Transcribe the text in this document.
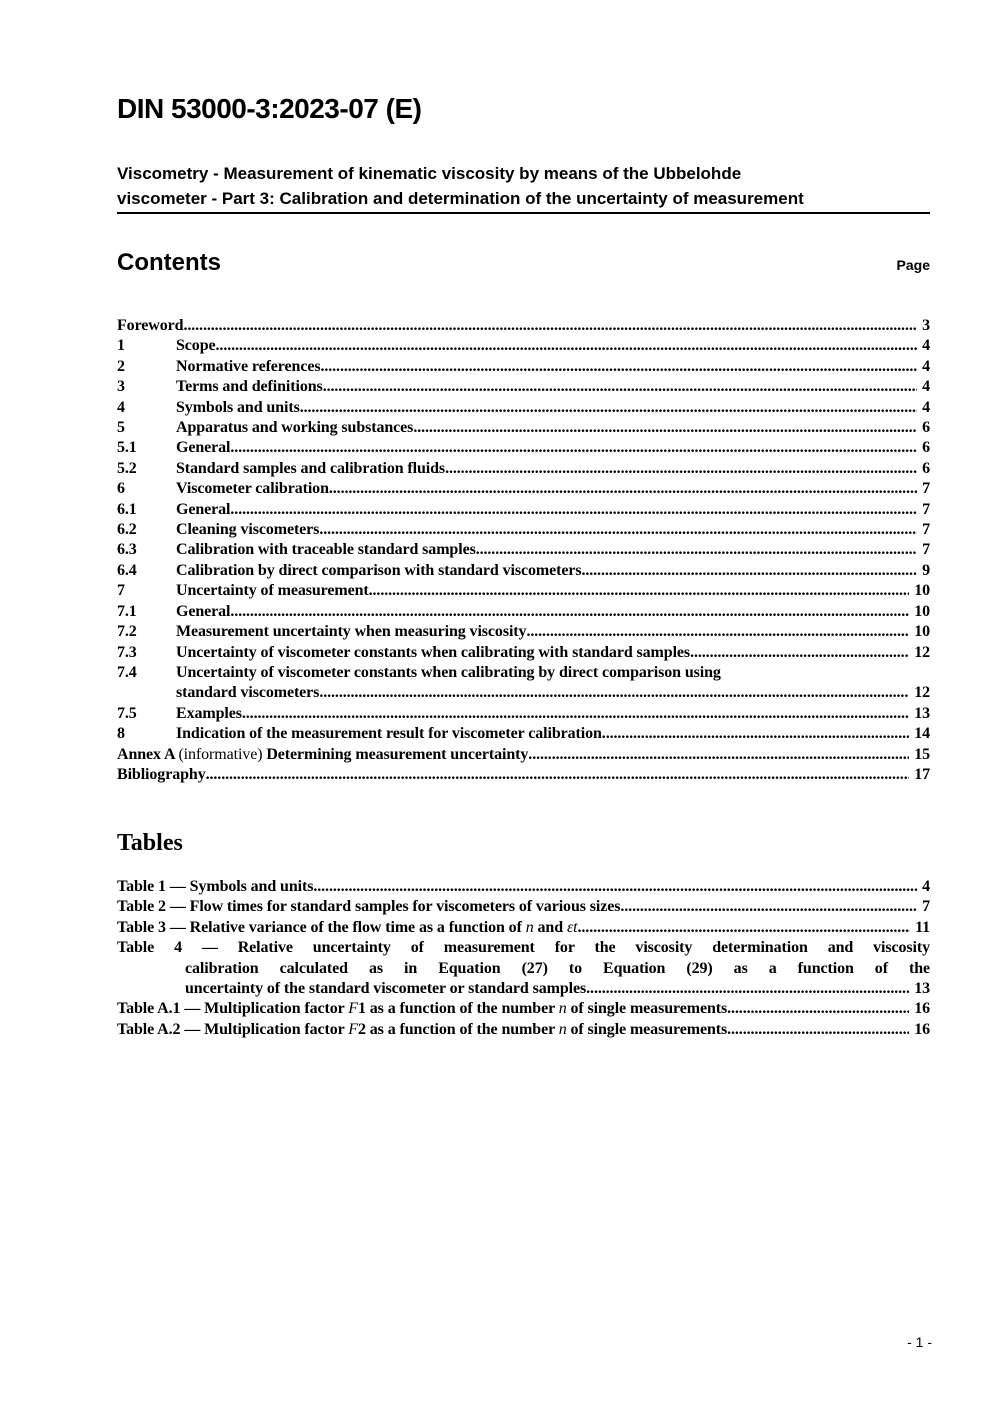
DIN 53000-3:2023-07 (E)
Viscometry - Measurement of kinematic viscosity by means of the Ubbelohde
viscometer - Part 3: Calibration and determination of the uncertainty of measurement
Contents	Page
Foreword .....	3
1	Scope .....	4
2	Normative references .....	4
3	Terms and definitions .....	4
4	Symbols and units .....	4
5	Apparatus and working substances .....	6
5.1	General .....	6
5.2	Standard samples and calibration fluids .....	6
6	Viscometer calibration .....	7
6.1	General .....	7
6.2	Cleaning viscometers .....	7
6.3	Calibration with traceable standard samples .....	7
6.4	Calibration by direct comparison with standard viscometers .....	9
7	Uncertainty of measurement .....	10
7.1	General .....	10
7.2	Measurement uncertainty when measuring viscosity .....	10
7.3	Uncertainty of viscometer constants when calibrating with standard samples .....	12
7.4	Uncertainty of viscometer constants when calibrating by direct comparison using
standard viscometers .....	12
7.5	Examples .....	13
8	Indication of the measurement result for viscometer calibration .....	14
Annex A (informative) Determining measurement uncertainty .....	15
Bibliography .....	17
Tables
Table 1 — Symbols and units .....	4
Table 2 — Flow times for standard samples for viscometers of various sizes .....	7
Table 3 — Relative variance of the flow time as a function of n and εt .....	11
Table 4 — Relative uncertainty of measurement for the viscosity determination and viscosity
calibration calculated as in Equation (27) to Equation (29) as a function of the
uncertainty of the standard viscometer or standard samples .....	13
Table A.1 — Multiplication factor F1 as a function of the number n of single measurements .....	16
Table A.2 — Multiplication factor F2 as a function of the number n of single measurements .....	16
- 1 -
